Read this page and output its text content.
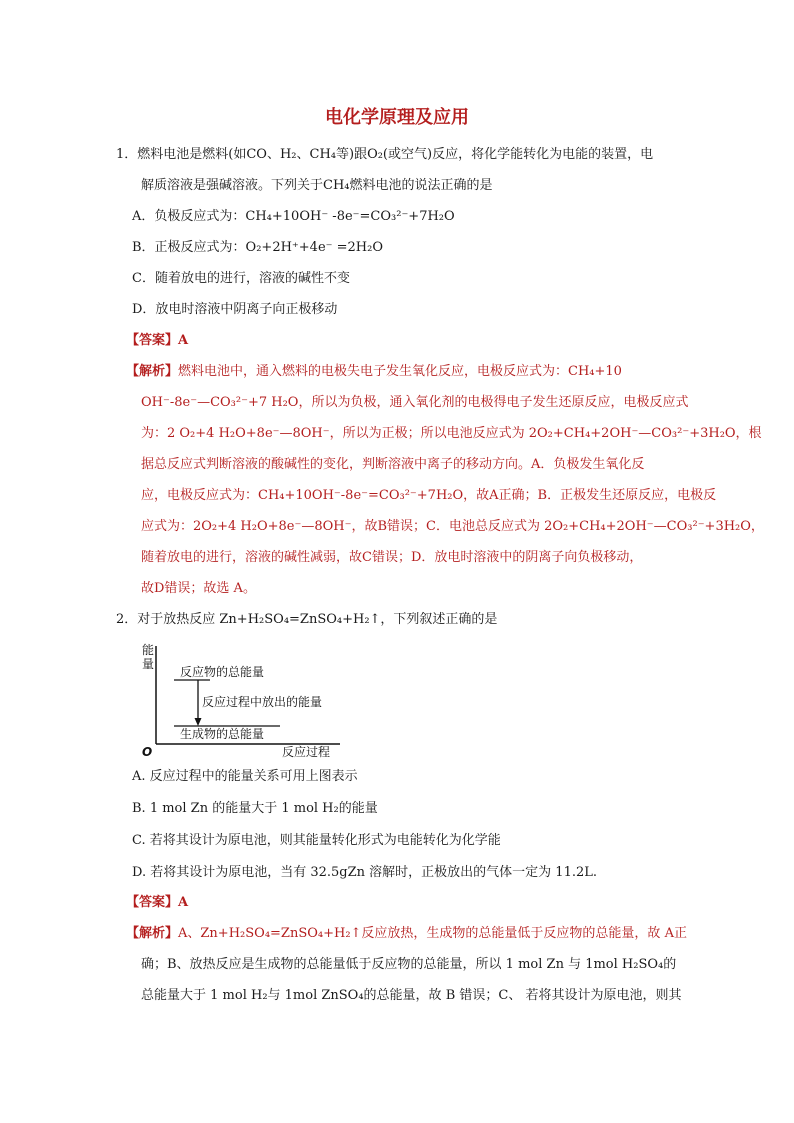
电化学原理及应用
1．燃料电池是燃料(如CO、H₂、CH₄等)跟O₂(或空气)反应，将化学能转化为电能的装置，电
解质溶液是强碱溶液。下列关于CH₄燃料电池的说法正确的是
A．负极反应式为：CH₄+10OH⁻ -8e⁻=CO₃²⁻+7H₂O
B．正极反应式为：O₂+2H⁺+4e⁻ =2H₂O
C．随着放电的进行，溶液的碱性不变
D．放电时溶液中阴离子向正极移动
【答案】A
【解析】燃料电池中，通入燃料的电极失电子发生氧化反应，电极反应式为：CH₄+10
OH⁻-8e⁻—CO₃²⁻+7 H₂O，所以为负极，通入氧化剂的电极得电子发生还原反应，电极反应式
为：2 O₂+4 H₂O+8e⁻—8OH⁻，所以为正极；所以电池反应式为 2O₂+CH₄+2OH⁻—CO₃²⁻+3H₂O，根
据总反应式判断溶液的酸碱性的变化，判断溶液中离子的移动方向。A．负极发生氧化反
应，电极反应式为：CH₄+10OH⁻-8e⁻=CO₃²⁻+7H₂O，故A正确；B．正极发生还原反应，电极反
应式为：2O₂+4 H₂O+8e⁻—8OH⁻，故B错误；C．电池总反应式为 2O₂+CH₄+2OH⁻—CO₃²⁻+3H₂O，
随着放电的进行，溶液的碱性减弱，故C错误；D．放电时溶液中的阴离子向负极移动，
故D错误；故选 A。
2．对于放热反应 Zn+H₂SO₄=ZnSO₄+H₂↑，下列叙述正确的是
能
量
O	反应过程
反应物的总能量
反应过程中放出的能量
生成物的总能量
A. 反应过程中的能量关系可用上图表示
B. 1 mol Zn 的能量大于 1 mol H₂的能量
C. 若将其设计为原电池，则其能量转化形式为电能转化为化学能
D. 若将其设计为原电池，当有 32.5gZn 溶解时，正极放出的气体一定为 11.2L.
【答案】A
【解析】A、Zn+H₂SO₄=ZnSO₄+H₂↑反应放热，生成物的总能量低于反应物的总能量，故 A正
确；B、放热反应是生成物的总能量低于反应物的总能量，所以 1 mol Zn 与 1mol H₂SO₄的
总能量大于 1 mol H₂与 1mol ZnSO₄的总能量，故 B 错误；C、 若将其设计为原电池，则其
